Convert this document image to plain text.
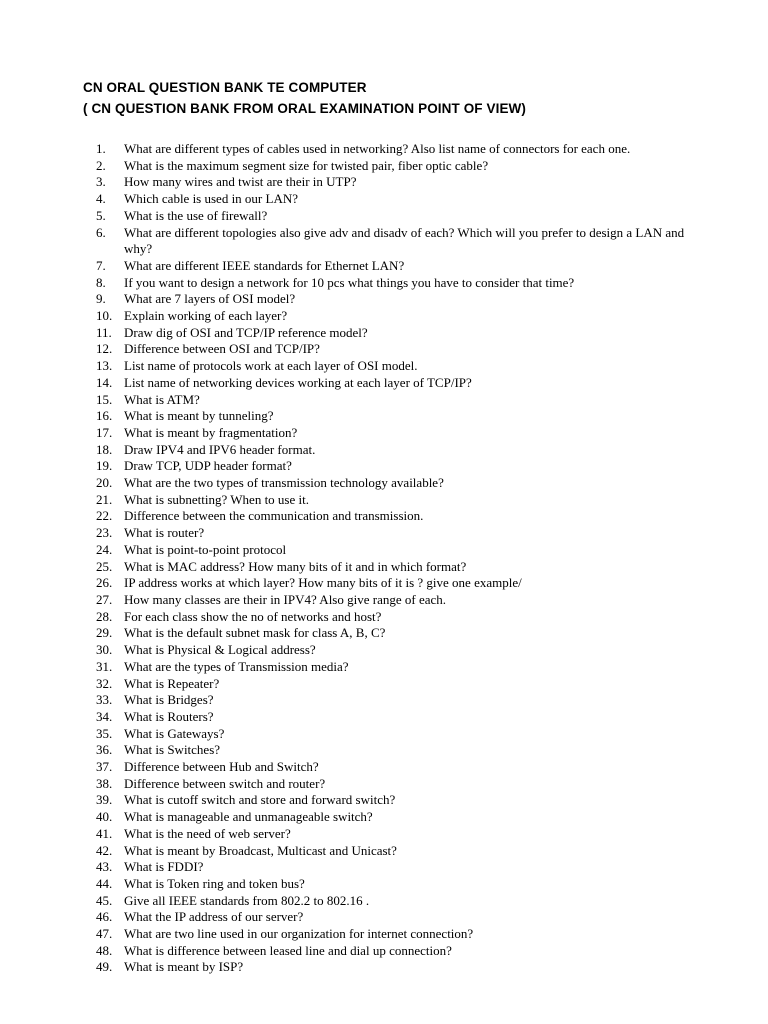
CN ORAL QUESTION BANK TE COMPUTER
( CN QUESTION BANK FROM ORAL EXAMINATION POINT OF VIEW)
1.	What are different types of cables used in networking? Also list name of connectors for each one.
2.	What is the maximum segment size for twisted pair, fiber optic cable?
3.	How many wires and twist are their in UTP?
4.	Which cable is used in our LAN?
5.	What is the use of firewall?
6.	What are different topologies also give adv and disadv of each? Which will you prefer to design a LAN and why?
7.	What are different IEEE standards for Ethernet LAN?
8.	If you want to design a network for 10 pcs what things you have to consider that time?
9.	What are 7 layers of OSI model?
10. Explain working of each layer?
11. Draw dig of OSI and TCP/IP reference model?
12. Difference between OSI and TCP/IP?
13. List name of protocols work at each layer of OSI model.
14. List name of networking devices working at each layer of TCP/IP?
15. What is ATM?
16. What is meant by tunneling?
17. What is meant by fragmentation?
18. Draw IPV4 and IPV6 header format.
19. Draw TCP, UDP header format?
20. What are the two types of transmission technology available?
21. What is subnetting? When to use it.
22. Difference between the communication and transmission.
23. What is router?
24. What is point-to-point protocol
25. What is MAC address? How many bits of it and in which format?
26. IP address works at which layer? How many bits of it is ? give one example/
27. How many classes are their in IPV4? Also give range of each.
28. For each class show the no of networks and host?
29. What is the default subnet mask for class A, B, C?
30. What is Physical & Logical address?
31. What are the types of Transmission media?
32. What is Repeater?
33. What is Bridges?
34. What is Routers?
35. What is Gateways?
36. What is Switches?
37. Difference between Hub and Switch?
38. Difference between switch and router?
39. What is cutoff switch and store and forward switch?
40. What is manageable and unmanageable switch?
41. What is the need of web server?
42. What is meant by Broadcast, Multicast and Unicast?
43. What is FDDI?
44. What is Token ring and token bus?
45. Give all IEEE standards from 802.2 to 802.16 .
46. What the IP address of our server?
47. What are two line used in our organization for internet connection?
48. What is difference between leased line and dial up connection?
49. What is meant by ISP?
